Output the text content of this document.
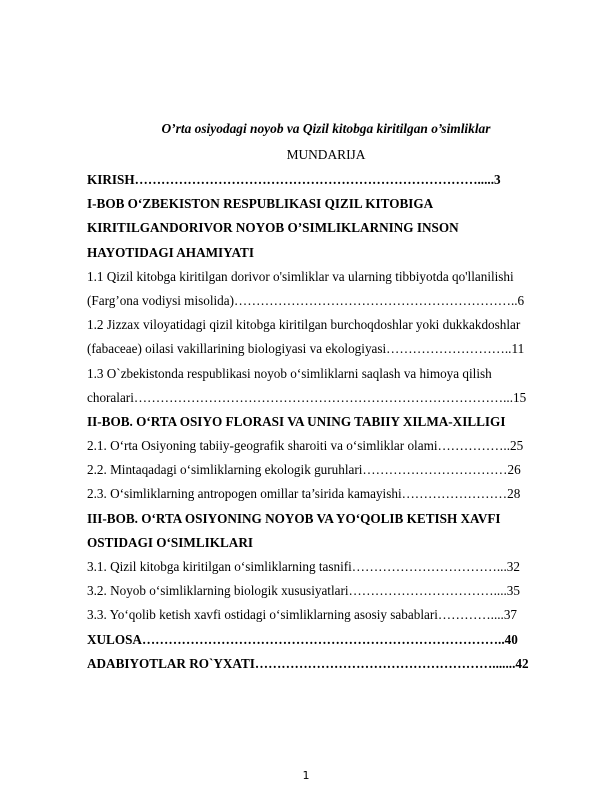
O’rta osiyodagi noyob va Qizil kitobga kiritilgan o’simliklar
MUNDARIJA
KIRISH…………………………………………………………………….....3
I-BOB O‘ZBEKISTON RESPUBLIKASI QIZIL KITOBIGA
KIRITILGANDORIVOR NOYOB O’SIMLIKLARNING INSON
HAYOTIDAGI AHAMIYATI
1.1 Qizil kitobga kiritilgan dorivor o'simliklar va ularning tibbiyotda qo'llanilishi
(Farg’ona vodiysi misolida)………………………………………………………..6
1.2 Jizzax viloyatidagi qizil kitobga kiritilgan burchoqdoshlar yoki dukkakdoshlar
(fabaceae) oilasi vakillarining biologiyasi va ekologiyasi………………………..11
1.3 O`zbekistonda respublikasi noyob o‘simliklarni saqlash va himoya qilish
choralari…………………………………………………………………………...15
II-BOB. O‘RTA OSIYO FLORASI VA UNING TABIIY XILMA-XILLIGI
2.1. O‘rta Osiyoning tabiiy-geografik sharoiti va o‘simliklar olami……………..25
2.2. Mintaqadagi o‘simliklarning ekologik guruhlari……………………………26
2.3. O‘simliklarning antropogen omillar ta’sirida kamayishi……………………28
III-BOB. O‘RTA OSIYONING NOYOB VA YO‘QOLIB KETISH XAVFI
OSTIDAGI O‘SIMLIKLARI
3.1. Qizil kitobga kiritilgan o‘simliklarning tasnifi……………………………...32
3.2. Noyob o‘simliklarning biologik xususiyatlari……………………………....35
3.3. Yo‘qolib ketish xavfi ostidagi o‘simliklarning asosiy sabablari…………....37
XULOSA………………………………………………………………………..40
ADABIYOTLAR RO`YXATI……………………………………………….......42
1
